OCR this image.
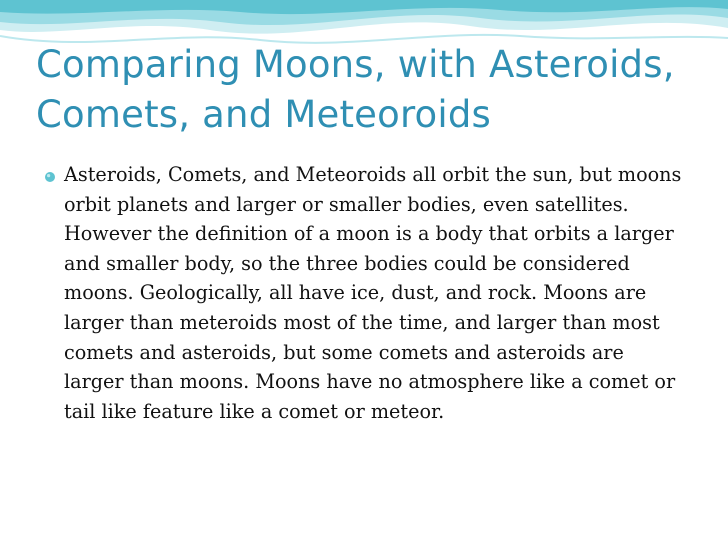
Comparing Moons, with Asteroids, Comets, and Meteoroids
Asteroids, Comets, and Meteoroids all orbit the sun, but moons orbit planets and larger or smaller bodies, even satellites. However the definition of a moon is a body that orbits a larger and smaller body, so the three bodies could be considered moons. Geologically, all have ice, dust, and rock. Moons are larger than meteroids most of the time, and larger than most comets and asteroids, but some comets and asteroids are larger than moons. Moons have no atmosphere like a comet or tail like feature like a comet or meteor.
